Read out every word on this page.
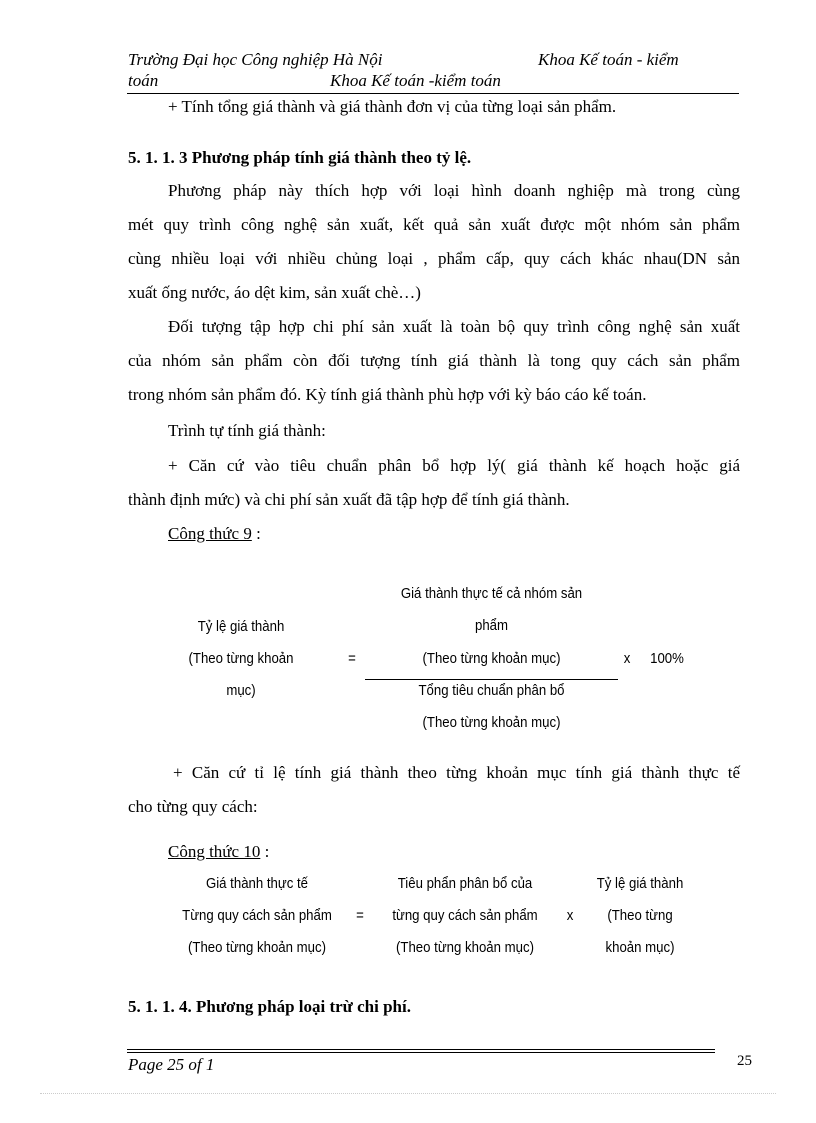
Trường Đại học Công nghiệp Hà Nội	Khoa Kế toán - kiểm
toán	Khoa Kế toán -kiểm toán
+ Tính tổng giá thành và giá thành đơn vị của từng loại sản phẩm.
5. 1. 1. 3 Phương pháp tính giá thành theo tỷ lệ.
Phương pháp này thích hợp với loại hình doanh nghiệp mà trong cùng
mét quy trình công nghệ sản xuất, kết quả sản xuất được một nhóm sản phẩm
cùng nhiều loại với nhiều chủng loại , phẩm cấp, quy cách khác nhau(DN sản
xuất ống nước, áo dệt kim, sản xuất chè…)
Đối tượng tập hợp chi phí sản xuất là toàn bộ quy trình công nghệ sản xuất
của nhóm sản phẩm còn đối tượng tính giá thành là tong quy cách sản phẩm
trong nhóm sản phẩm đó. Kỳ tính giá thành phù hợp với kỳ báo cáo kế toán.
Trình tự tính giá thành:
+ Căn cứ vào tiêu chuẩn phân bổ hợp lý( giá thành kế hoạch hoặc giá
thành định mức) và chi phí sản xuất đã tập hợp để tính giá thành.
Công thức 9 :
Tỷ lệ giá thành
(Theo từng khoản
mục)
=
Giá thành thực tế cả nhóm sản
phẩm
(Theo từng khoản mục)
Tổng tiêu chuẩn phân bổ
(Theo từng khoản mục)
x	100%
+ Căn cứ tỉ lệ tính giá thành theo từng khoản mục tính giá thành thực tế
cho từng quy cách:
Công thức 10 :
Giá thành thực tế
Từng quy cách sản phẩm
(Theo từng khoản mục)
=
Tiêu phẩn phân bổ của
từng quy cách sản phẩm
(Theo từng khoản mục)
x
Tỷ lệ giá thành
(Theo từng
khoản mục)
5. 1. 1. 4. Phương pháp loại trừ chi phí.
Page 25 of 1	25
